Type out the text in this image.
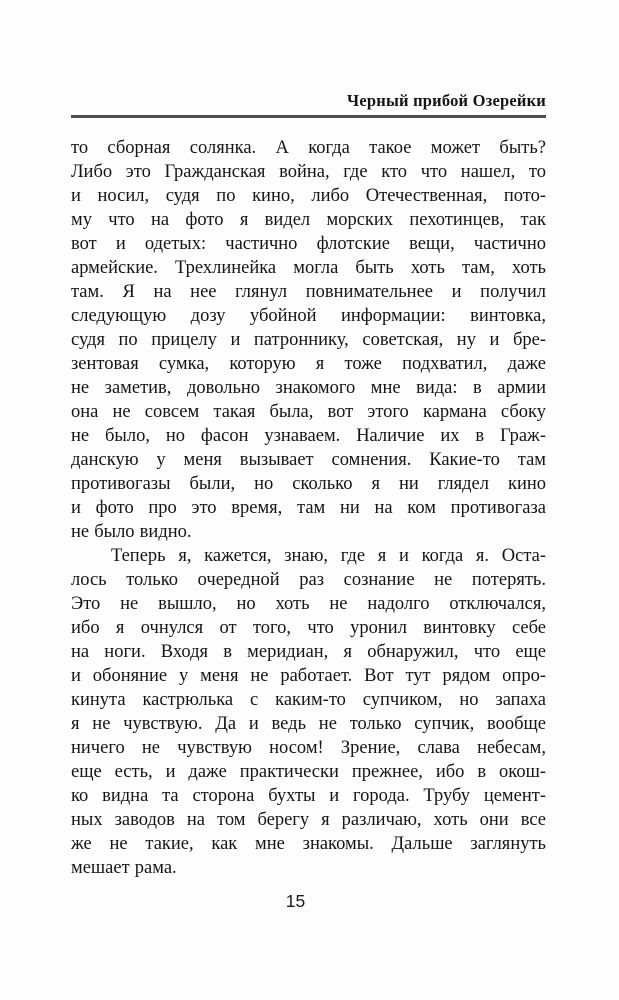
Черный прибой Озерейки
то сборная солянка. А когда такое может быть?
Либо это Гражданская война, где кто что нашел, то
и носил, судя по кино, либо Отечественная, пото-
му что на фото я видел морских пехотинцев, так
вот и одетых: частично флотские вещи, частично
армейские. Трехлинейка могла быть хоть там, хоть
там. Я на нее глянул повнимательнее и получил
следующую дозу убойной информации: винтовка,
судя по прицелу и патроннику, советская, ну и бре-
зентовая сумка, которую я тоже подхватил, даже
не заметив, довольно знакомого мне вида: в армии
она не совсем такая была, вот этого кармана сбоку
не было, но фасон узнаваем. Наличие их в Граж-
данскую у меня вызывает сомнения. Какие-то там
противогазы были, но сколько я ни глядел кино
и фото про это время, там ни на ком противогаза
не было видно.
Теперь я, кажется, знаю, где я и когда я. Оста-
лось только очередной раз сознание не потерять.
Это не вышло, но хоть не надолго отключался,
ибо я очнулся от того, что уронил винтовку себе
на ноги. Входя в меридиан, я обнаружил, что еще
и обоняние у меня не работает. Вот тут рядом опро-
кинута кастрюлька с каким-то супчиком, но запаха
я не чувствую. Да и ведь не только супчик, вообще
ничего не чувствую носом! Зрение, слава небесам,
еще есть, и даже практически прежнее, ибо в окош-
ко видна та сторона бухты и города. Трубу цемент-
ных заводов на том берегу я различаю, хоть они все
же не такие, как мне знакомы. Дальше заглянуть
мешает рама.
15
